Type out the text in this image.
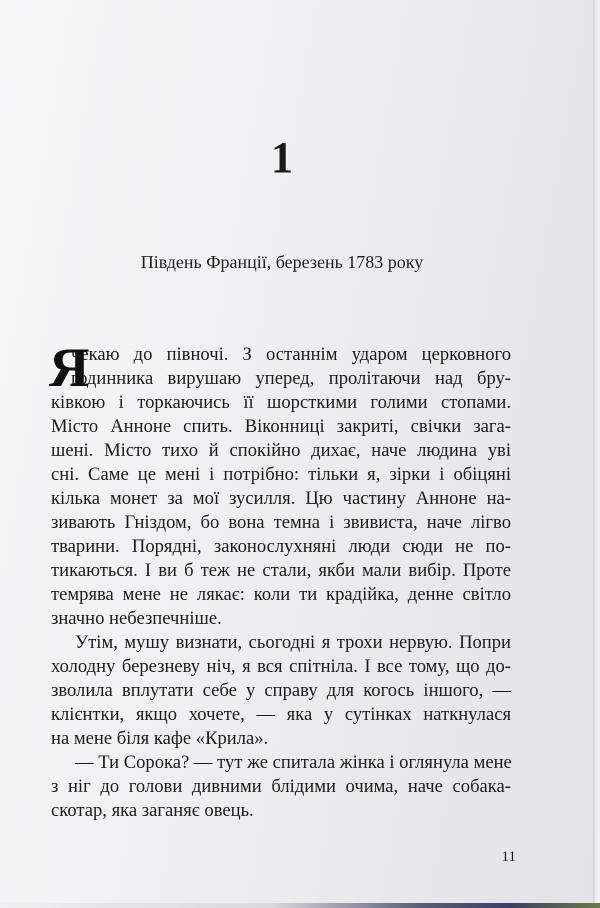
1
Південь Франції, березень 1783 року
Я
чекаю до півночі. З останнім ударом церковного
годинника вирушаю уперед, пролітаючи над бру-
ківкою і торкаючись її шорсткими голими стопами.
Місто Анноне спить. Віконниці закриті, свічки зага-
шені. Місто тихо й спокійно дихає, наче людина уві
сні. Саме це мені і потрібно: тільки я, зірки і обіцяні
кілька монет за мої зусилля. Цю частину Анноне на-
зивають Гніздом, бо вона темна і звивиста, наче лігво
тварини. Порядні, законослухняні люди сюди не по-
тикаються. І ви б теж не стали, якби мали вибір. Проте
темрява мене не лякає: коли ти крадійка, денне світло
значно небезпечніше.
Утім, мушу визнати, сьогодні я трохи нервую. Попри
холодну березневу ніч, я вся спітніла. І все тому, що до-
зволила вплутати себе у справу для когось іншого, —
клієнтки, якщо хочете, — яка у сутінках наткнулася
на мене біля кафе «Крила».
— Ти Сорока? — тут же спитала жінка і оглянула мене
з ніг до голови дивними блідими очима, наче собака-
скотар, яка заганяє овець.
11
